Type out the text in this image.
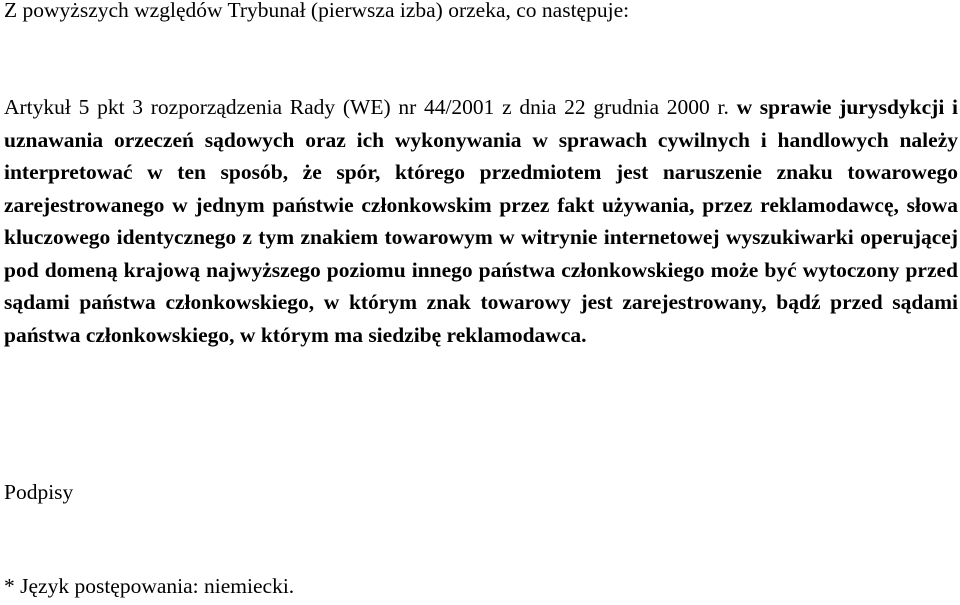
Z powyższych względów Trybunał (pierwsza izba) orzeka, co następuje:
Artykuł 5 pkt 3 rozporządzenia Rady (WE) nr 44/2001 z dnia 22 grudnia 2000 r. w sprawie jurysdykcji i uznawania orzeczeń sądowych oraz ich wykonywania w sprawach cywilnych i handlowych należy interpretować w ten sposób, że spór, którego przedmiotem jest naruszenie znaku towarowego zarejestrowanego w jednym państwie członkowskim przez fakt używania, przez reklamodawcę, słowa kluczowego identycznego z tym znakiem towarowym w witrynie internetowej wyszukiwarki operującej pod domeną krajową najwyższego poziomu innego państwa członkowskiego może być wytoczony przed sądami państwa członkowskiego, w którym znak towarowy jest zarejestrowany, bądź przed sądami państwa członkowskiego, w którym ma siedzibę reklamodawca.
Podpisy
* Język postępowania: niemiecki.
